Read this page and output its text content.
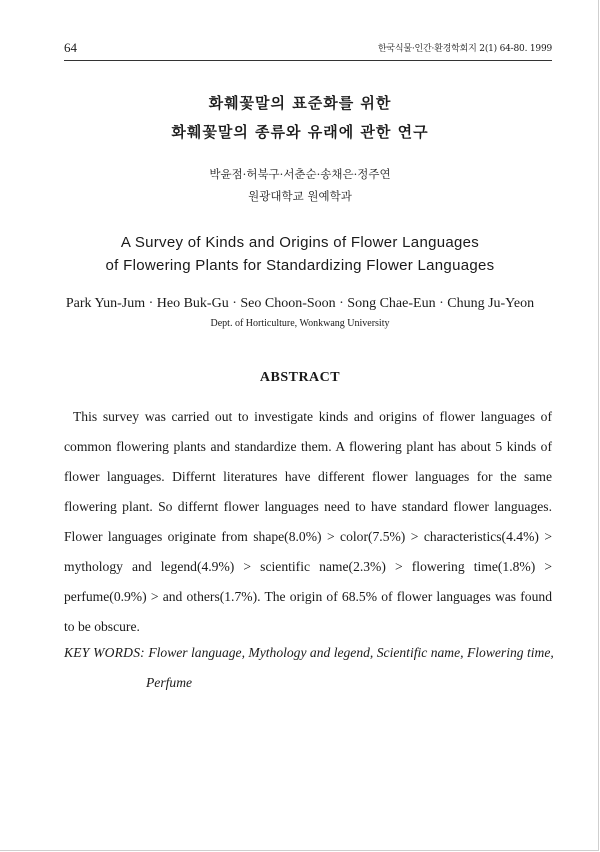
64	한국식물·인간·환경학회지 2(1) 64-80. 1999
화훼꽃말의 표준화를 위한
화훼꽃말의 종류와 유래에 관한 연구
박윤점·허북구·서춘순·송채은·정주연
원광대학교 원예학과
A Survey of Kinds and Origins of Flower Languages
of Flowering Plants for Standardizing Flower Languages
Park Yun-Jum · Heo Buk-Gu · Seo Choon-Soon · Song Chae-Eun · Chung Ju-Yeon
Dept. of Horticulture, Wonkwang University
ABSTRACT

This survey was carried out to investigate kinds and origins of flower languages of common flowering plants and standardize them. A flowering plant has about 5 kinds of flower languages. Differnt literatures have different flower languages for the same flowering plant. So differnt flower languages need to have standard flower languages. Flower languages originate from shape(8.0%) > color(7.5%) > characteristics(4.4%) > mythology and legend(4.9%) > scientific name(2.3%) > flowering time(1.8%) > perfume(0.9%) > and others(1.7%). The origin of 68.5% of flower languages was found to be obscure.

KEY WORDS: Flower language, Mythology and legend, Scientific name, Flowering time,
Perfume
